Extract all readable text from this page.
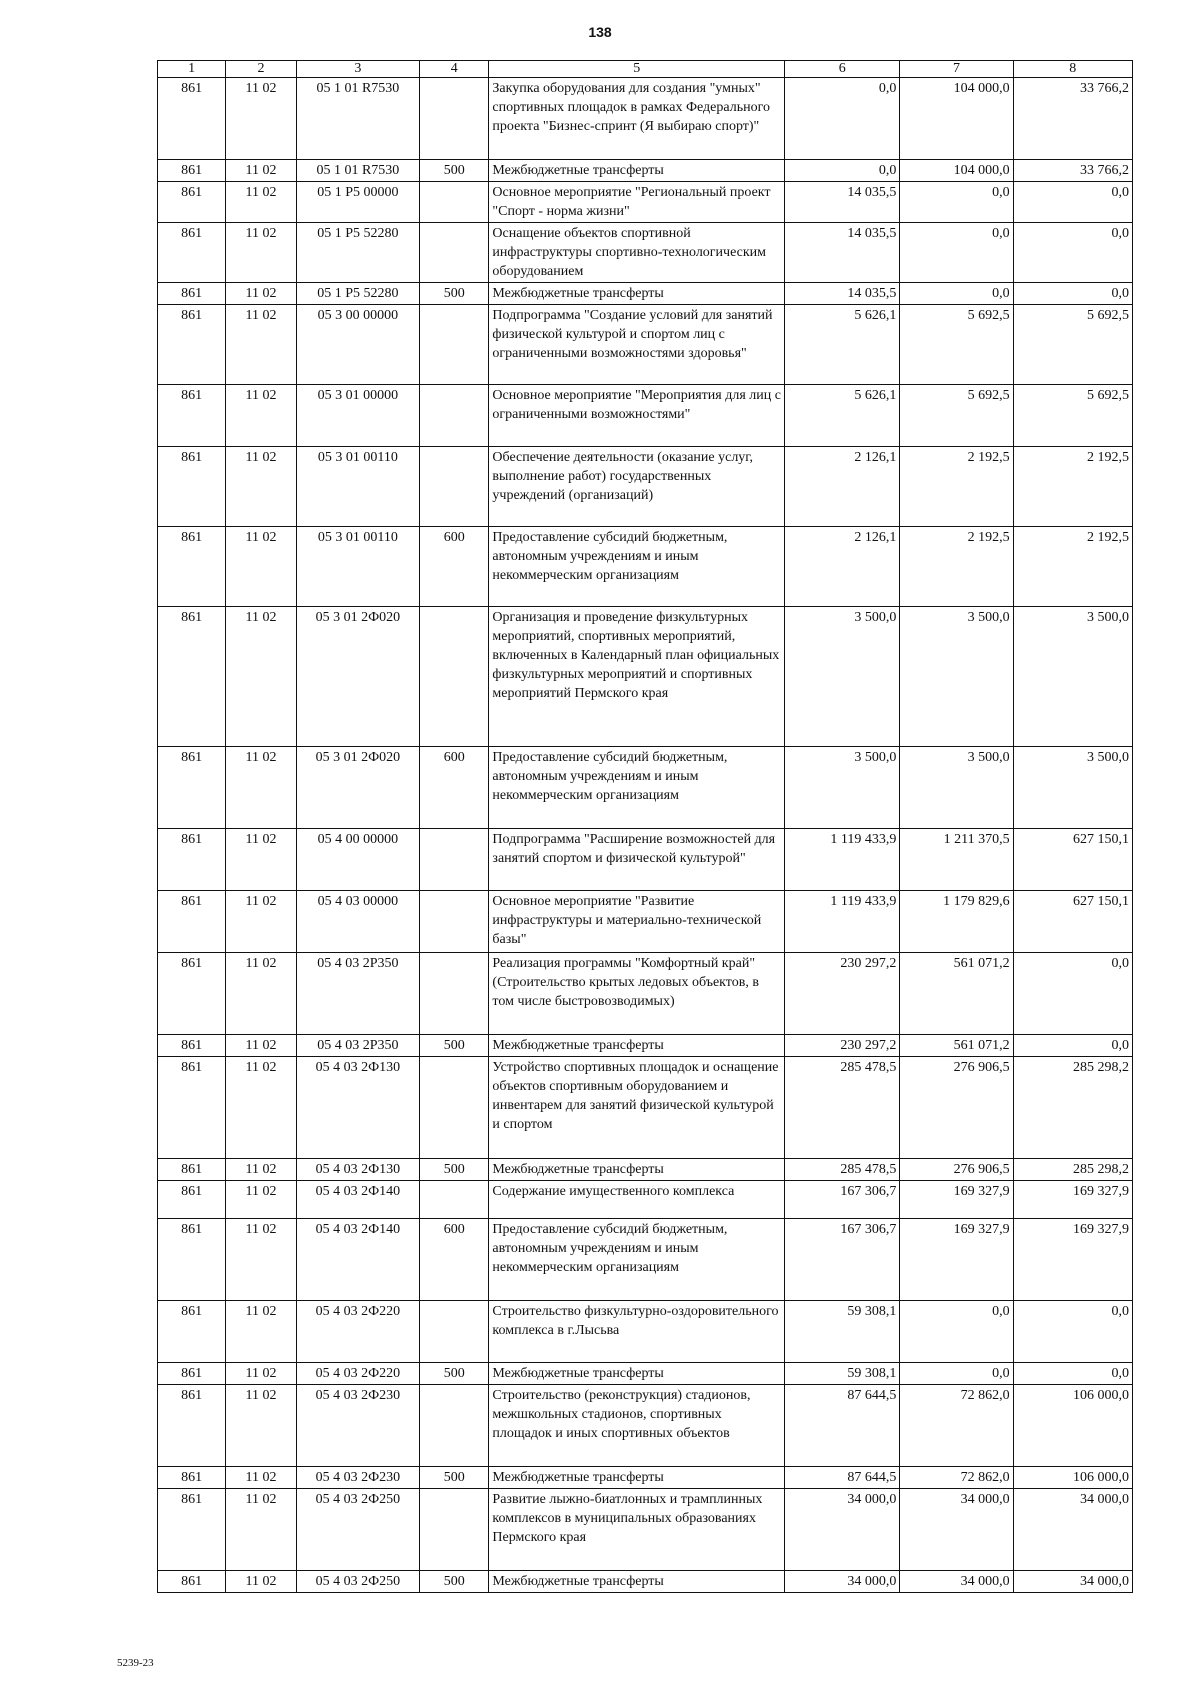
138
1	2	3	4	5	6	7	8
861	11 02	05 1 01 R7530		Закупка оборудования для создания "умных" спортивных площадок в рамках Федерального проекта "Бизнес-спринт (Я выбираю спорт)"	0,0	104 000,0	33 766,2
861	11 02	05 1 01 R7530	500	Межбюджетные трансферты	0,0	104 000,0	33 766,2
861	11 02	05 1 P5 00000		Основное мероприятие "Региональный проект "Спорт - норма жизни"	14 035,5	0,0	0,0
861	11 02	05 1 P5 52280		Оснащение объектов спортивной инфраструктуры спортивно-технологическим оборудованием	14 035,5	0,0	0,0
861	11 02	05 1 P5 52280	500	Межбюджетные трансферты	14 035,5	0,0	0,0
861	11 02	05 3 00 00000		Подпрограмма "Создание условий для занятий физической культурой и спортом лиц с ограниченными возможностями здоровья"	5 626,1	5 692,5	5 692,5
861	11 02	05 3 01 00000		Основное мероприятие "Мероприятия для лиц с ограниченными возможностями"	5 626,1	5 692,5	5 692,5
861	11 02	05 3 01 00110		Обеспечение деятельности (оказание услуг, выполнение работ) государственных учреждений (организаций)	2 126,1	2 192,5	2 192,5
861	11 02	05 3 01 00110	600	Предоставление субсидий бюджетным, автономным учреждениям и иным некоммерческим организациям	2 126,1	2 192,5	2 192,5
861	11 02	05 3 01 2Ф020		Организация и проведение физкультурных мероприятий, спортивных мероприятий, включенных в Календарный план официальных физкультурных мероприятий и спортивных мероприятий Пермского края	3 500,0	3 500,0	3 500,0
861	11 02	05 3 01 2Ф020	600	Предоставление субсидий бюджетным, автономным учреждениям и иным некоммерческим организациям	3 500,0	3 500,0	3 500,0
861	11 02	05 4 00 00000		Подпрограмма "Расширение возможностей для занятий спортом и физической культурой"	1 119 433,9	1 211 370,5	627 150,1
861	11 02	05 4 03 00000		Основное мероприятие "Развитие инфраструктуры и материально-технической базы"	1 119 433,9	1 179 829,6	627 150,1
861	11 02	05 4 03 2Р350		Реализация программы "Комфортный край" (Строительство крытых ледовых объектов, в том числе быстровозводимых)	230 297,2	561 071,2	0,0
861	11 02	05 4 03 2Р350	500	Межбюджетные трансферты	230 297,2	561 071,2	0,0
861	11 02	05 4 03 2Ф130		Устройство спортивных площадок и оснащение объектов спортивным оборудованием и инвентарем для занятий физической культурой и спортом	285 478,5	276 906,5	285 298,2
861	11 02	05 4 03 2Ф130	500	Межбюджетные трансферты	285 478,5	276 906,5	285 298,2
861	11 02	05 4 03 2Ф140		Содержание имущественного комплекса	167 306,7	169 327,9	169 327,9
861	11 02	05 4 03 2Ф140	600	Предоставление субсидий бюджетным, автономным учреждениям и иным некоммерческим организациям	167 306,7	169 327,9	169 327,9
861	11 02	05 4 03 2Ф220		Строительство физкультурно-оздоровительного комплекса в г.Лысьва	59 308,1	0,0	0,0
861	11 02	05 4 03 2Ф220	500	Межбюджетные трансферты	59 308,1	0,0	0,0
861	11 02	05 4 03 2Ф230		Строительство (реконструкция) стадионов, межшкольных стадионов, спортивных площадок и иных спортивных объектов	87 644,5	72 862,0	106 000,0
861	11 02	05 4 03 2Ф230	500	Межбюджетные трансферты	87 644,5	72 862,0	106 000,0
861	11 02	05 4 03 2Ф250		Развитие лыжно-биатлонных и трамплинных комплексов в муниципальных образованиях Пермского края	34 000,0	34 000,0	34 000,0
861	11 02	05 4 03 2Ф250	500	Межбюджетные трансферты	34 000,0	34 000,0	34 000,0
5239-23
